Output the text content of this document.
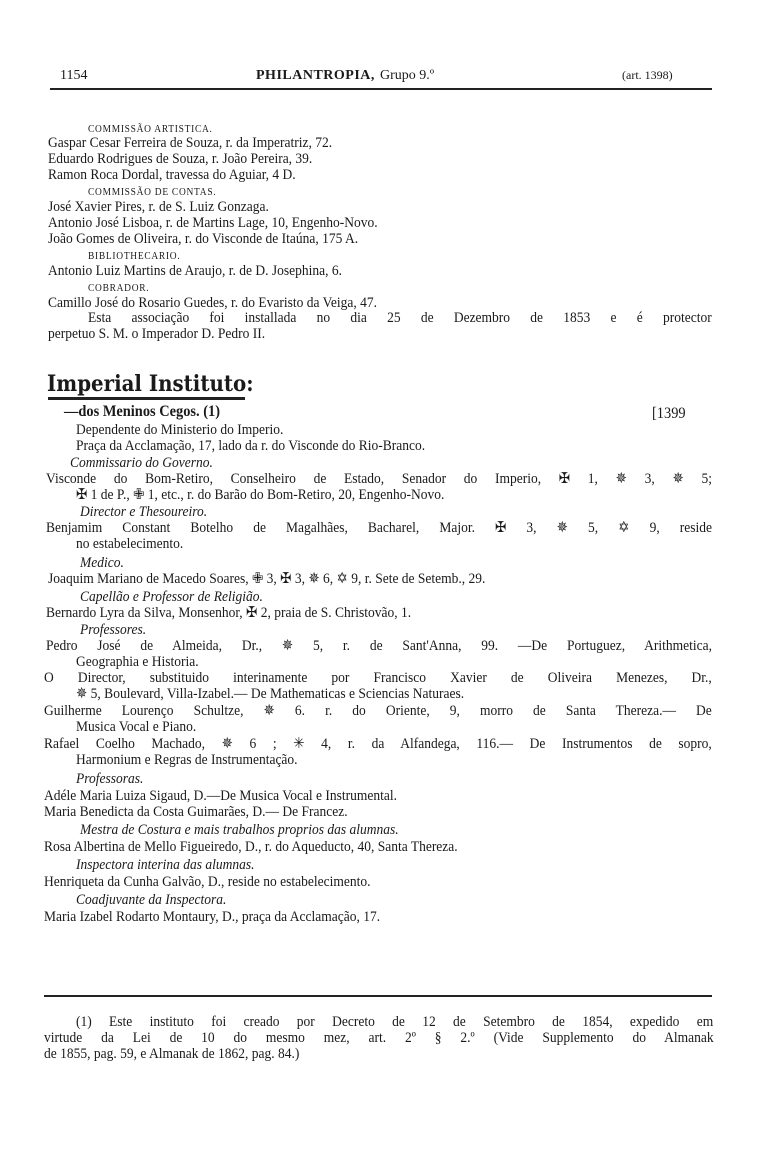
1154	PHILANTROPIA, Grupo 9.º	(art. 1398)
COMMISSÃO ARTISTICA.
Gaspar Cesar Ferreira de Souza, r. da Imperatriz, 72.
Eduardo Rodrigues de Souza, r. João Pereira, 39.
Ramon Roca Dordal, travessa do Aguiar, 4 D.
COMMISSÃO DE CONTAS.
José Xavier Pires, r. de S. Luiz Gonzaga.
Antonio José Lisboa, r. de Martins Lage, 10, Engenho-Novo.
João Gomes de Oliveira, r. do Visconde de Itaúna, 175 A.
BIBLIOTHECARIO.
Antonio Luiz Martins de Araujo, r. de D. Josephina, 6.
COBRADOR.
Camillo José do Rosario Guedes, r. do Evaristo da Veiga, 47.
Esta associação foi installada no dia 25 de Dezembro de 1853 e é protector
perpetuo S. M. o Imperador D. Pedro II.
Imperial Instituto:
—dos Meninos Cegos. (1)	[1399
Dependente do Ministerio do Imperio.
Praça da Acclamação, 17, lado da r. do Visconde do Rio-Branco.
Commissario do Governo.
Visconde do Bom-Retiro, Conselheiro de Estado, Senador do Imperio, ✠ 1, ✵ 3, ✵ 5;
✠ 1 de P., ✙ 1, etc., r. do Barão do Bom-Retiro, 20, Engenho-Novo.
Director e Thesoureiro.
Benjamim Constant Botelho de Magalhães, Bacharel, Major. ✠ 3, ✵ 5, ✡ 9, reside
no estabelecimento.
Medico.
Joaquim Mariano de Macedo Soares, ✙ 3, ✠ 3, ✵ 6, ✡ 9, r. Sete de Setemb., 29.
Capellão e Professor de Religião.
Bernardo Lyra da Silva, Monsenhor, ✠ 2, praia de S. Christovão, 1.
Professores.
Pedro José de Almeida, Dr., ✵ 5, r. de Sant'Anna, 99. —De Portuguez, Arithmetica,
Geographia e Historia.
O Director, substituido interinamente por Francisco Xavier de Oliveira Menezes, Dr.,
✵ 5, Boulevard, Villa-Izabel.— De Mathematicas e Sciencias Naturaes.
Guilherme Lourenço Schultze, ✵ 6. r. do Oriente, 9, morro de Santa Thereza.— De
Musica Vocal e Piano.
Rafael Coelho Machado, ✵ 6 ; ✳ 4, r. da Alfandega, 116.— De Instrumentos de sopro,
Harmonium e Regras de Instrumentação.
Professoras.
Adéle Maria Luiza Sigaud, D.—De Musica Vocal e Instrumental.
Maria Benedicta da Costa Guimarães, D.— De Francez.
Mestra de Costura e mais trabalhos proprios das alumnas.
Rosa Albertina de Mello Figueiredo, D., r. do Aqueducto, 40, Santa Thereza.
Inspectora interina das alumnas.
Henriqueta da Cunha Galvão, D., reside no estabelecimento.
Coadjuvante da Inspectora.
Maria Izabel Rodarto Montaury, D., praça da Acclamação, 17.
(1) Este instituto foi creado por Decreto de 12 de Setembro de 1854, expedido em
virtude da Lei de 10 do mesmo mez, art. 2º § 2.º (Vide Supplemento do Almanak
de 1855, pag. 59, e Almanak de 1862, pag. 84.)
